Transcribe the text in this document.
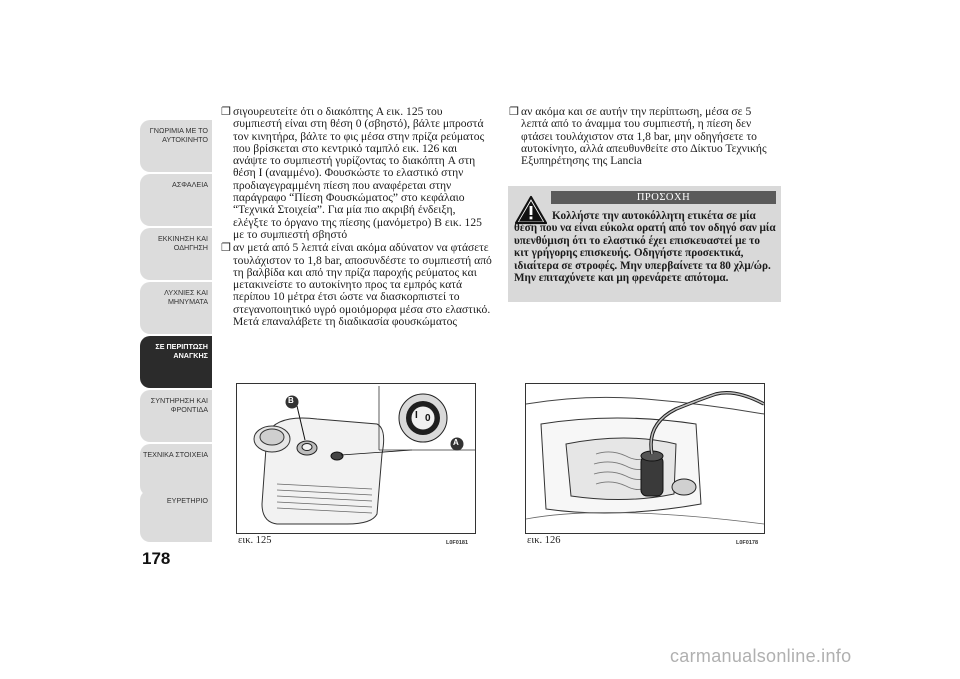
ΓΝΩΡΙΜΙΑ ΜΕ ΤΟ
ΑΥΤΟΚΙΝΗΤΟ
ΑΣΦΑΛΕΙΑ
ΕΚΚΙΝΗΣΗ ΚΑΙ
ΟΔΗΓΗΣΗ
ΛΥΧΝΙΕΣ ΚΑΙ
ΜΗΝΥΜΑΤΑ
ΣΕ ΠΕΡΙΠΤΩΣΗ
ΑΝΑΓΚΗΣ
ΣΥΝΤΗΡΗΣΗ ΚΑΙ
ΦΡΟΝΤΙΔΑ
ΤΕΧΝΙΚΑ ΣΤΟΙΧΕΙΑ
ΕΥΡΕΤΗΡΙΟ
178

❐ σιγουρευτείτε ότι ο διακόπτης A εικ. 125 του συμπιεστή είναι στη θέση 0 (σβηστό), βάλτε μπροστά τον κινητήρα, βάλτε το φις μέσα στην πρίζα ρεύματος που βρίσκεται στο κεντρικό ταμπλό εικ. 126 και ανάψτε το συμπιεστή γυρίζοντας το διακόπτη A στη θέση I (αναμμένο). Φουσκώστε το ελαστικό στην προδιαγεγραμμένη πίεση που αναφέρεται στην παράγραφο “Πίεση Φουσκώματος” στο κεφάλαιο “Τεχνικά Στοιχεία”. Για μία πιο ακριβή ένδειξη, ελέγξτε το όργανο της πίεσης (μανόμετρο) B εικ. 125 με το συμπιεστή σβηστό

❐ αν μετά από 5 λεπτά είναι ακόμα αδύνατον να φτάσετε τουλάχιστον το 1,8 bar, αποσυνδέστε το συμπιεστή από τη βαλβίδα και από την πρίζα παροχής ρεύματος και μετακινείστε το αυτοκίνητο προς τα εμπρός κατά περίπου 10 μέτρα έτσι ώστε να διασκορπιστεί το στεγανοποιητικό υγρό ομοιόμορφα μέσα στο ελαστικό. Μετά επαναλάβετε τη διαδικασία φουσκώματος

❐ αν ακόμα και σε αυτήν την περίπτωση, μέσα σε 5 λεπτά από το άναμμα του συμπιεστή, η πίεση δεν φτάσει τουλάχιστον στα 1,8 bar, μην οδηγήσετε το αυτοκίνητο, αλλά απευθυνθείτε στο Δίκτυο Τεχνικής Εξυπηρέτησης της Lancia

ΠΡΟΣΟΧΗ
Κολλήστε την αυτοκόλλητη ετικέτα σε μία θέση που να είναι εύκολα ορατή από τον οδηγό σαν μία υπενθύμιση ότι το ελαστικό έχει επισκευαστεί με το κιτ γρήγορης επισκευής. Οδηγήστε προσεκτικά, ιδιαίτερα σε στροφές. Μην υπερβαίνετε τα 80 χλμ/ώρ. Μην επιταχύνετε και μη φρενάρετε απότομα.
B
A
I 0
εικ. 125	L0F0181	εικ. 126	L0F0178
carmanualsonline.info
